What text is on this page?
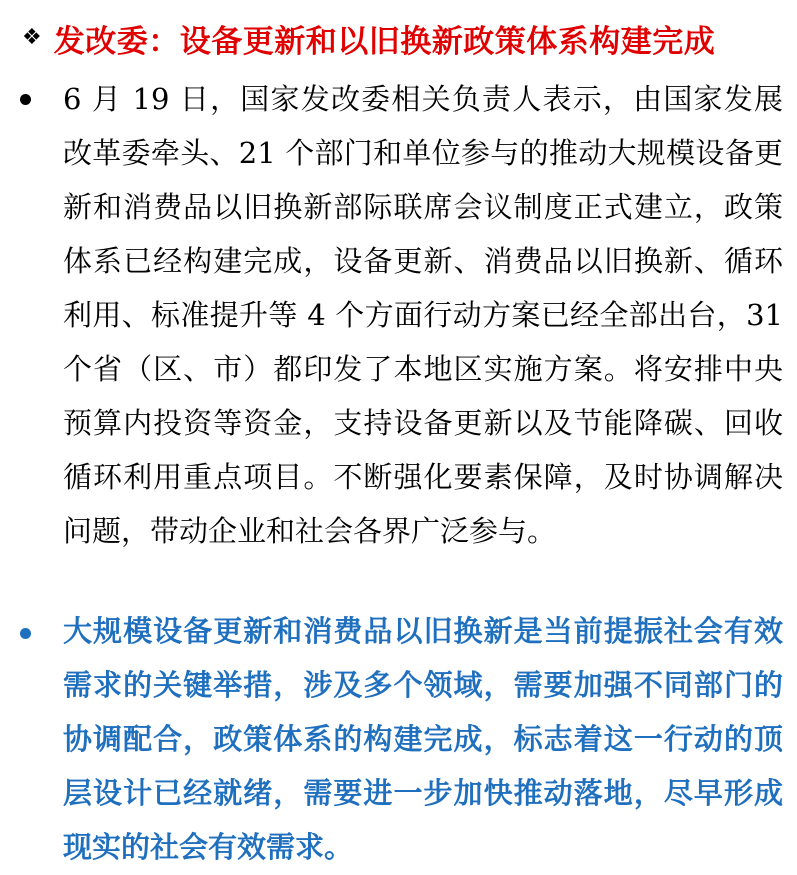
❖ 发改委：设备更新和以旧换新政策体系构建完成
6 月 19 日，国家发改委相关负责人表示，由国家发展改革委牵头、21 个部门和单位参与的推动大规模设备更新和消费品以旧换新部际联席会议制度正式建立，政策体系已经构建完成，设备更新、消费品以旧换新、循环利用、标准提升等 4 个方面行动方案已经全部出台，31 个省（区、市）都印发了本地区实施方案。将安排中央预算内投资等资金，支持设备更新以及节能降碳、回收循环利用重点项目。不断强化要素保障，及时协调解决问题，带动企业和社会各界广泛参与。
大规模设备更新和消费品以旧换新是当前提振社会有效需求的关键举措，涉及多个领域，需要加强不同部门的协调配合，政策体系的构建完成，标志着这一行动的顶层设计已经就绪，需要进一步加快推动落地，尽早形成现实的社会有效需求。
